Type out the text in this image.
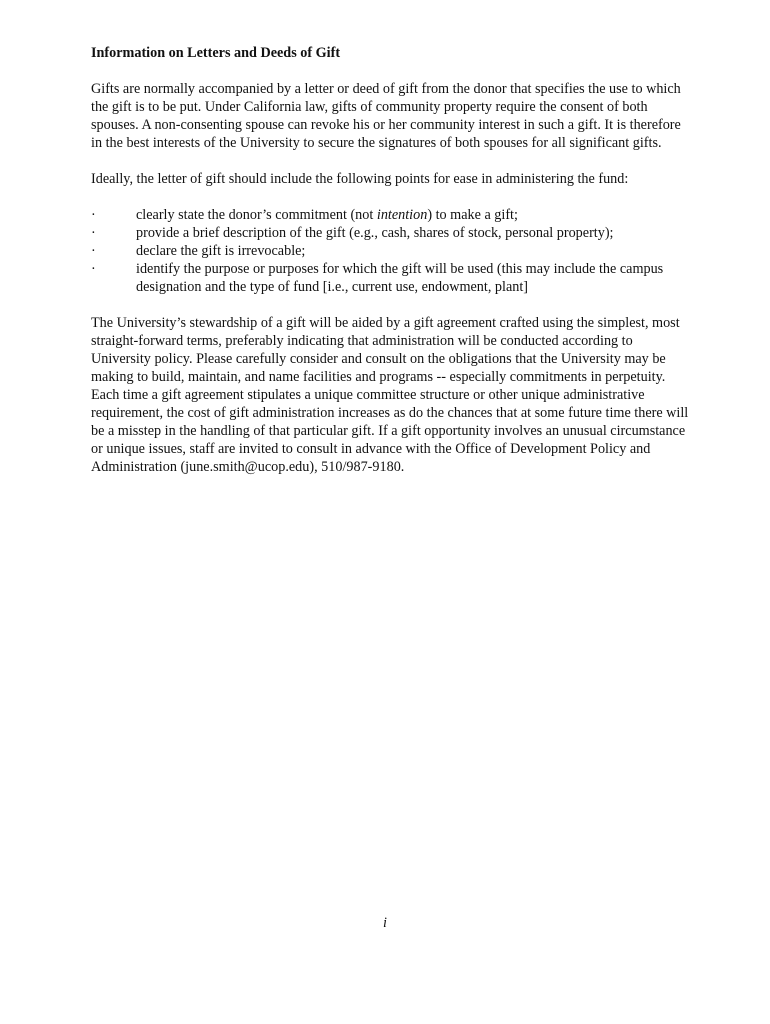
Information on Letters and Deeds of Gift

Gifts are normally accompanied by a letter or deed of gift from the donor that specifies the use to which the gift is to be put. Under California law, gifts of community property require the consent of both spouses. A non-consenting spouse can revoke his or her community interest in such a gift. It is therefore in the best interests of the University to secure the signatures of both spouses for all significant gifts.

Ideally, the letter of gift should include the following points for ease in administering the fund:

·	clearly state the donor’s commitment (not intention) to make a gift;
·	provide a brief description of the gift (e.g., cash, shares of stock, personal property);
·	declare the gift is irrevocable;
·	identify the purpose or purposes for which the gift will be used (this may include the campus designation and the type of fund [i.e., current use, endowment, plant]

The University’s stewardship of a gift will be aided by a gift agreement crafted using the simplest, most straight-forward terms, preferably indicating that administration will be conducted according to University policy. Please carefully consider and consult on the obligations that the University may be making to build, maintain, and name facilities and programs -- especially commitments in perpetuity. Each time a gift agreement stipulates a unique committee structure or other unique administrative requirement, the cost of gift administration increases as do the chances that at some future time there will be a misstep in the handling of that particular gift. If a gift opportunity involves an unusual circumstance or unique issues, staff are invited to consult in advance with the Office of Development Policy and Administration (june.smith@ucop.edu), 510/987-9180.

i
